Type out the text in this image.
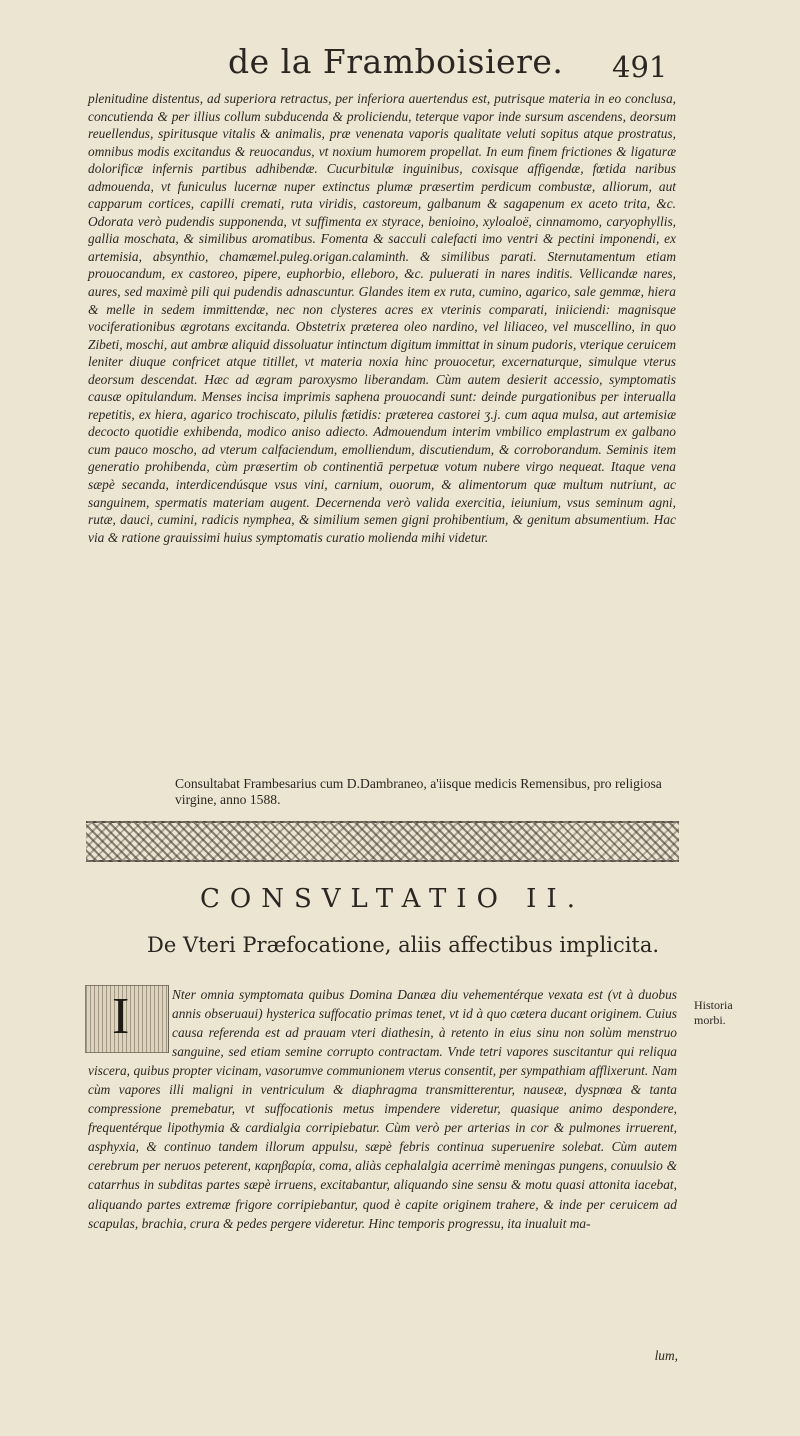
de la Framboisiere. 491

plenitudine distentus, ad superiora retractus, per inferiora auertendus est, putrisque materia in eo conclusa, concutienda & per illius collum subducenda & proliciendu, teterque vapor inde sursum ascendens, deorsum reuellendus, spiritusque vitalis & animalis, præ venenata vaporis qualitate veluti sopitus atque prostratus, omnibus modis excitandus & reuocandus, vt noxium humorem propellat. In eum finem frictiones & ligaturæ dolorificæ infernis partibus adhibendæ. Cucurbitulæ inguinibus, coxisque affigendæ, fœtida naribus admouenda, vt funiculus lucernæ nuper extinctus plumæ præsertim perdicum combustæ, alliorum, aut capparum cortices, capilli cremati, ruta viridis, castoreum, galbanum & sagapenum ex aceto trita, &c. Odorata verò pudendis supponenda, vt suffimenta ex styrace, benioino, xyloaloë, cinnamomo, caryophyllis, gallia moschata, & similibus aromatibus. Fomenta & sacculi calefacti imo ventri & pectini imponendi, ex artemisia, absynthio, chamæmel.puleg.origan.calaminth. & similibus parati. Sternutamentum etiam prouocandum, ex castoreo, pipere, euphorbio, elleboro, &c. puluerati in nares inditis. Vellicandæ nares, aures, sed maximè pili qui pudendis adnascuntur. Glandes item ex ruta, cumino, agarico, sale gemmæ, hiera & melle in sedem immittendæ, nec non clysteres acres ex vterinis comparati, iniiciendi: magnisque vociferationibus ægrotans excitanda. Obstetrix præterea oleo nardino, vel liliaceo, vel muscellino, in quo Zibeti, moschi, aut ambræ aliquid dissoluatur intinctum digitum immittat in sinum pudoris, vterique ceruicem leniter diuque confricet atque titillet, vt materia noxia hinc prouocetur, excernaturque, simulque vterus deorsum descendat. Hæc ad ægram paroxysmo liberandam. Cùm autem desierit accessio, symptomatis causæ opitulandum. Menses incisa imprimis saphena prouocandi sunt: deinde purgationibus per interualla repetitis, ex hiera, agarico trochiscato, pilulis fætidis: præterea castorei ʒ.j. cum aqua mulsa, aut artemisiæ decocto quotidie exhibenda, modico aniso adiecto. Admouendum interim vmbilico emplastrum ex galbano cum pauco moscho, ad vterum calfaciendum, emolliendum, discutiendum, & corroborandum. Seminis item generatio prohibenda, cùm præsertim ob continentiā perpetuæ votum nubere virgo nequeat. Itaque vena sæpè secanda, interdicendúsque vsus vini, carnium, ouorum, & alimentorum quæ multum nutriunt, ac sanguinem, spermatis materiam augent. Decernenda verò valida exercitia, ieiunium, vsus seminum agni, rutæ, dauci, cumini, radicis nymphea, & similium semen gigni prohibentium, & genitum absumentium. Hac via & ratione grauissimi huius symptomatis curatio molienda mihi videtur.

Consultabat Frambesarius cum D.Dambraneo, a'iisque medicis Remensibus, pro religiosa virgine, anno 1588.
CONSVLTATIO II.
De Vteri Præfocatione, aliis affectibus implicita.
I	Nter omnia symptomata quibus Domina Danæa diu vehementérque vexata est (vt à duobus annis obseruaui) hysterica suffocatio primas tenet, vt id à quo cætera ducant originem. Cuius causa referenda est ad prauam vteri diathesin, à retento in eius sinu non solùm menstruo sanguine, sed etiam semine corrupto contractam. Vnde tetri vapores suscitantur qui reliqua viscera, quibus propter vicinam, vasorumve communionem vterus consentit, per sympathiam afflixerunt. Nam cùm vapores illi maligni in ventriculum & diaphragma transmitterentur, nauseæ, dyspnœa & tanta compressione premebatur, vt suffocationis metus impendere videretur, quasique animo despondere, frequentérque lipothymia & cardialgia corripiebatur. Cùm verò per arterias in cor & pulmones irruerent, asphyxia, & continuo tandem illorum appulsu, sæpè febris continua superuenire solebat. Cùm autem cerebrum per neruos peterent, καρηβαρία, coma, aliàs cephalalgia acerrimè meningas pungens, conuulsio & catarrhus in subditas partes sæpè irruens, excitabantur, aliquando sine sensu & motu quasi attonita iacebat, aliquando partes extremæ frigore corripiebantur, quod è capite originem trahere, & inde per ceruicem ad scapulas, brachia, crura & pedes pergere videretur. Hinc temporis progressu, ita inualuit ma-

Historia
morbi.
lum,
